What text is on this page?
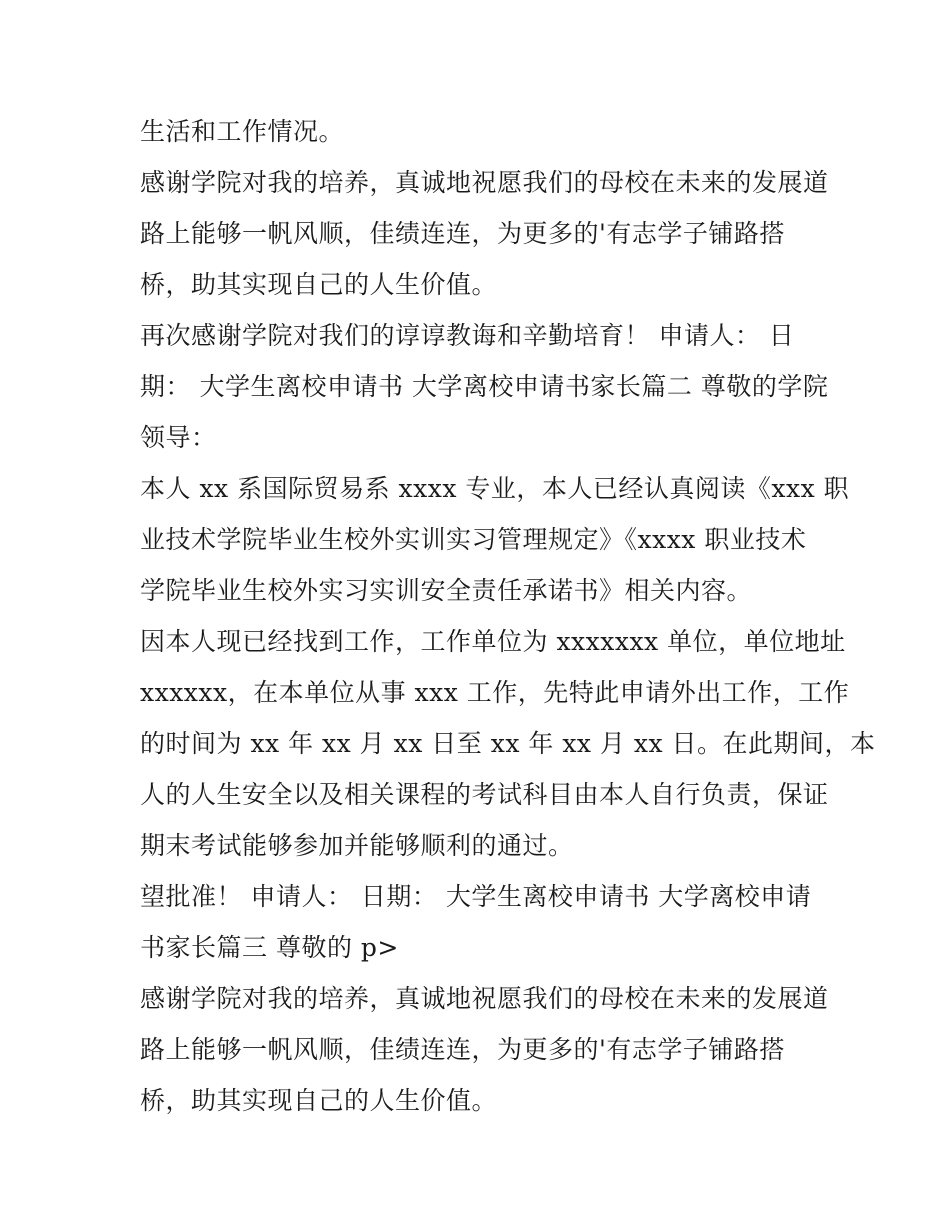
生活和工作情况。
感谢学院对我的培养，真诚地祝愿我们的母校在未来的发展道
路上能够一帆风顺，佳绩连连，为更多的'有志学子铺路搭
桥，助其实现自己的人生价值。
再次感谢学院对我们的谆谆教诲和辛勤培育！ 申请人： 日
期： 大学生离校申请书 大学离校申请书家长篇二 尊敬的学院
领导：
本人 xx 系国际贸易系 xxxx 专业，本人已经认真阅读《xxx 职
业技术学院毕业生校外实训实习管理规定》《xxxx 职业技术
学院毕业生校外实习实训安全责任承诺书》相关内容。
因本人现已经找到工作，工作单位为 xxxxxxx 单位，单位地址
xxxxxx，在本单位从事 xxx 工作，先特此申请外出工作，工作
的时间为 xx 年 xx 月 xx 日至 xx 年 xx 月 xx 日。在此期间，本
人的人生安全以及相关课程的考试科目由本人自行负责，保证
期末考试能够参加并能够顺利的通过。
望批准！ 申请人： 日期： 大学生离校申请书 大学离校申请
书家长篇三 尊敬的 p>
感谢学院对我的培养，真诚地祝愿我们的母校在未来的发展道
路上能够一帆风顺，佳绩连连，为更多的'有志学子铺路搭
桥，助其实现自己的人生价值。
